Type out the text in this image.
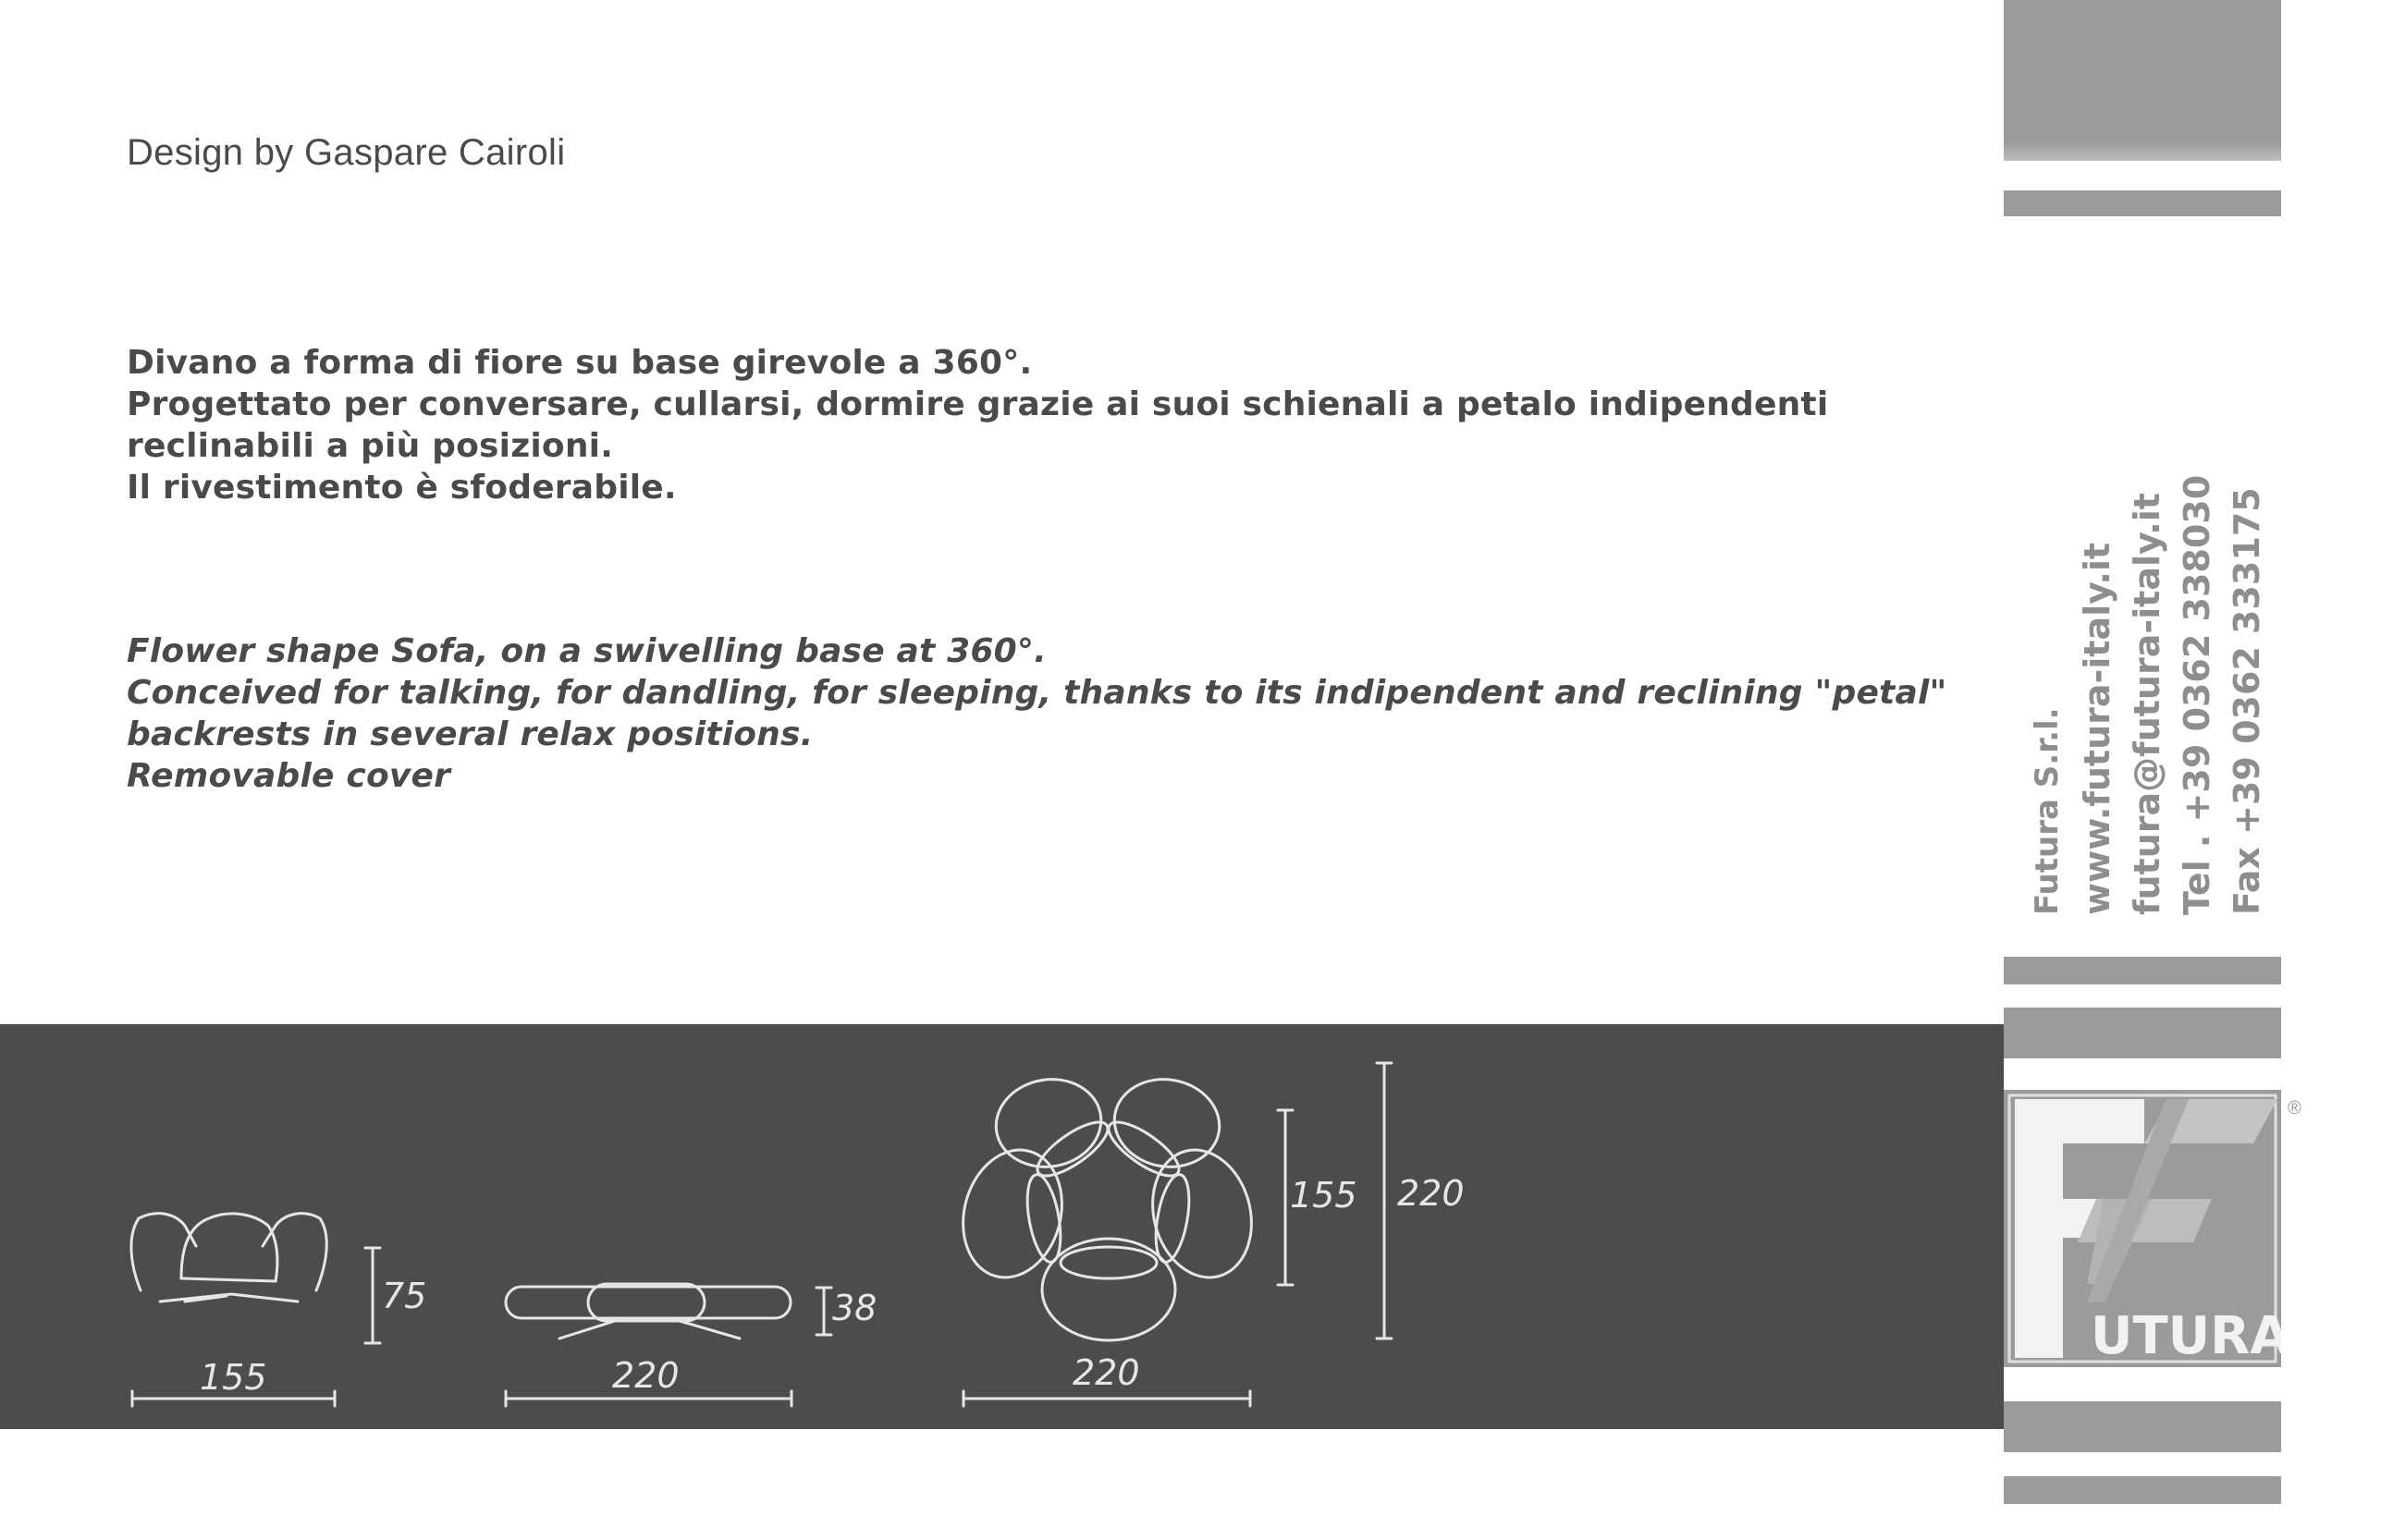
Design by Gaspare Cairoli
Divano a forma di fiore su base girevole a 360°.
Progettato per conversare, cullarsi, dormire grazie ai suoi schienali a petalo indipendenti
reclinabili a più posizioni.
Il rivestimento è sfoderabile.
Flower shape Sofa, on a swivelling base at 360°.
Conceived for talking, for dandling, for sleeping, thanks to its indipendent and reclining "petal"
backrests in several relax positions.
Removable cover
75
155
38
220
155 220
220
Futura S.r.l. www.futura-italy.it futura@futura-italy.it Tel . +39 0362 338030 Fax +39 0362 333175
UTURA
®
